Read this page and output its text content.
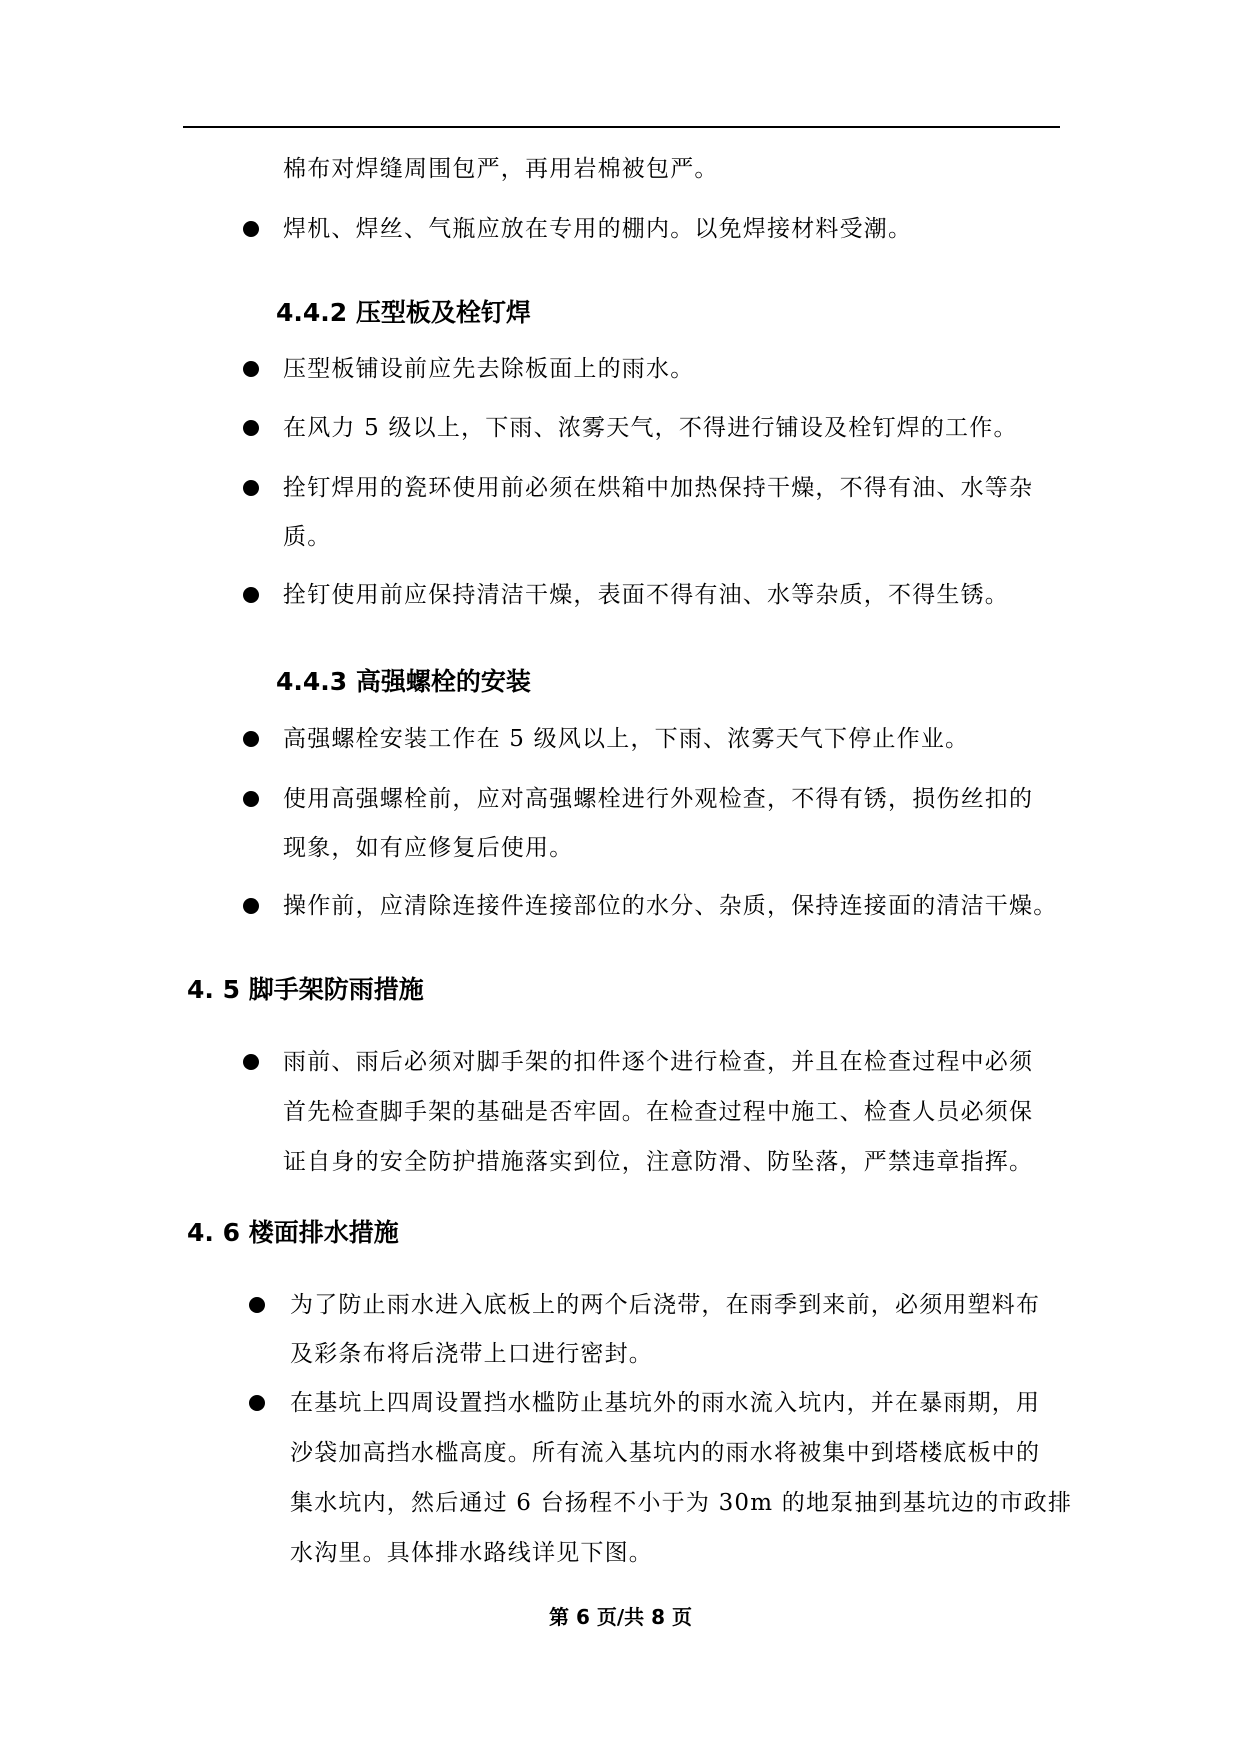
棉布对焊缝周围包严，再用岩棉被包严。
焊机、焊丝、气瓶应放在专用的棚内。以免焊接材料受潮。
4.4.2 压型板及栓钉焊
压型板铺设前应先去除板面上的雨水。
在风力 5 级以上，下雨、浓雾天气，不得进行铺设及栓钉焊的工作。
拴钉焊用的瓷环使用前必须在烘箱中加热保持干燥，不得有油、水等杂
质。
拴钉使用前应保持清洁干燥，表面不得有油、水等杂质，不得生锈。
4.4.3 高强螺栓的安装
高强螺栓安装工作在 5 级风以上，下雨、浓雾天气下停止作业。
使用高强螺栓前，应对高强螺栓进行外观检查，不得有锈，损伤丝扣的
现象，如有应修复后使用。
操作前，应清除连接件连接部位的水分、杂质，保持连接面的清洁干燥。
4. 5 脚手架防雨措施
雨前、雨后必须对脚手架的扣件逐个进行检查，并且在检查过程中必须
首先检查脚手架的基础是否牢固。在检查过程中施工、检查人员必须保
证自身的安全防护措施落实到位，注意防滑、防坠落，严禁违章指挥。
4. 6 楼面排水措施
为了防止雨水进入底板上的两个后浇带，在雨季到来前，必须用塑料布
及彩条布将后浇带上口进行密封。
在基坑上四周设置挡水槛防止基坑外的雨水流入坑内，并在暴雨期，用
沙袋加高挡水槛高度。所有流入基坑内的雨水将被集中到塔楼底板中的
集水坑内，然后通过 6 台扬程不小于为 30m 的地泵抽到基坑边的市政排
水沟里。具体排水路线详见下图。
第 6 页/共 8 页
